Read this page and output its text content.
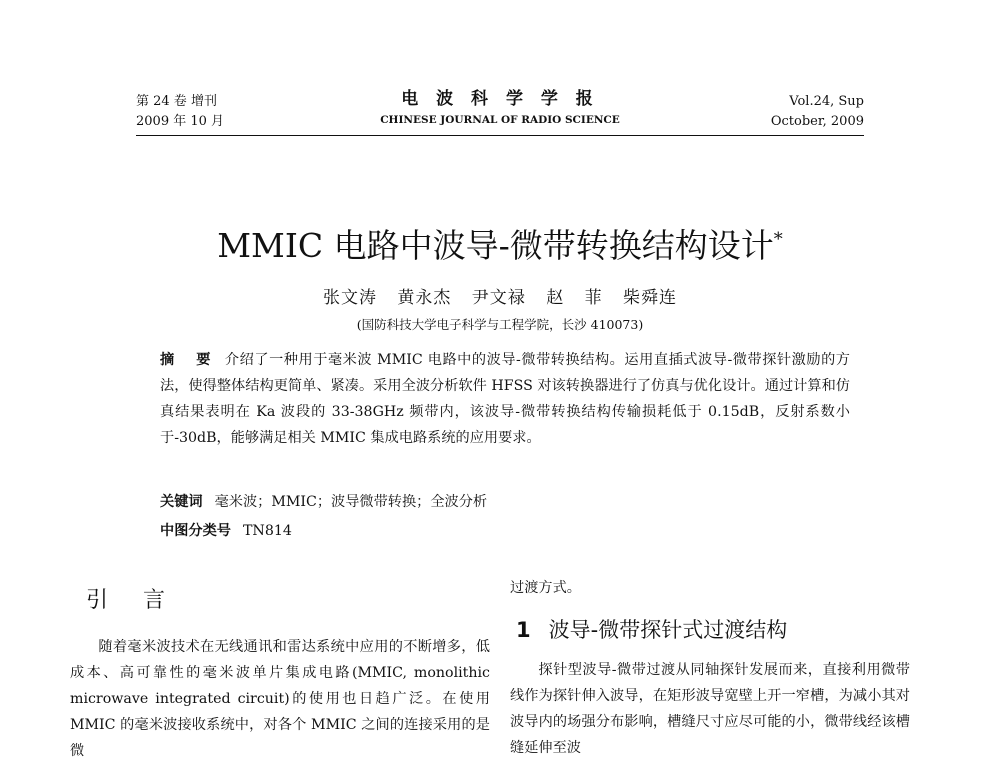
第 24 卷 增刊
2009 年 10 月
电 波 科 学 学 报
CHINESE JOURNAL OF RADIO SCIENCE
Vol.24, Sup
October, 2009
MMIC 电路中波导-微带转换结构设计*
张文涛 黄永杰 尹文禄 赵 菲 柴舜连
(国防科技大学电子科学与工程学院，长沙 410073)
摘 要 介绍了一种用于毫米波 MMIC 电路中的波导-微带转换结构。运用直插式波导-微带探针激励的方法，使得整体结构更简单、紧凑。采用全波分析软件 HFSS 对该转换器进行了仿真与优化设计。通过计算和仿真结果表明在 Ka 波段的 33-38GHz 频带内，该波导-微带转换结构传输损耗低于 0.15dB，反射系数小于-30dB，能够满足相关 MMIC 集成电路系统的应用要求。
关键词 毫米波；MMIC；波导微带转换；全波分析
中图分类号 TN814
引 言
随着毫米波技术在无线通讯和雷达系统中应用的不断增多，低成本、高可靠性的毫米波单片集成电路(MMIC, monolithic microwave integrated circuit)的使用也日趋广泛。在使用 MMIC 的毫米波接收系统中，对各个 MMIC 之间的连接采用的是微
过渡方式。
1 波导-微带探针式过渡结构
探针型波导-微带过渡从同轴探针发展而来，直接利用微带线作为探针伸入波导，在矩形波导宽壁上开一窄槽，为减小其对波导内的场强分布影响，槽缝尺寸应尽可能的小，微带线经该槽缝延伸至波
